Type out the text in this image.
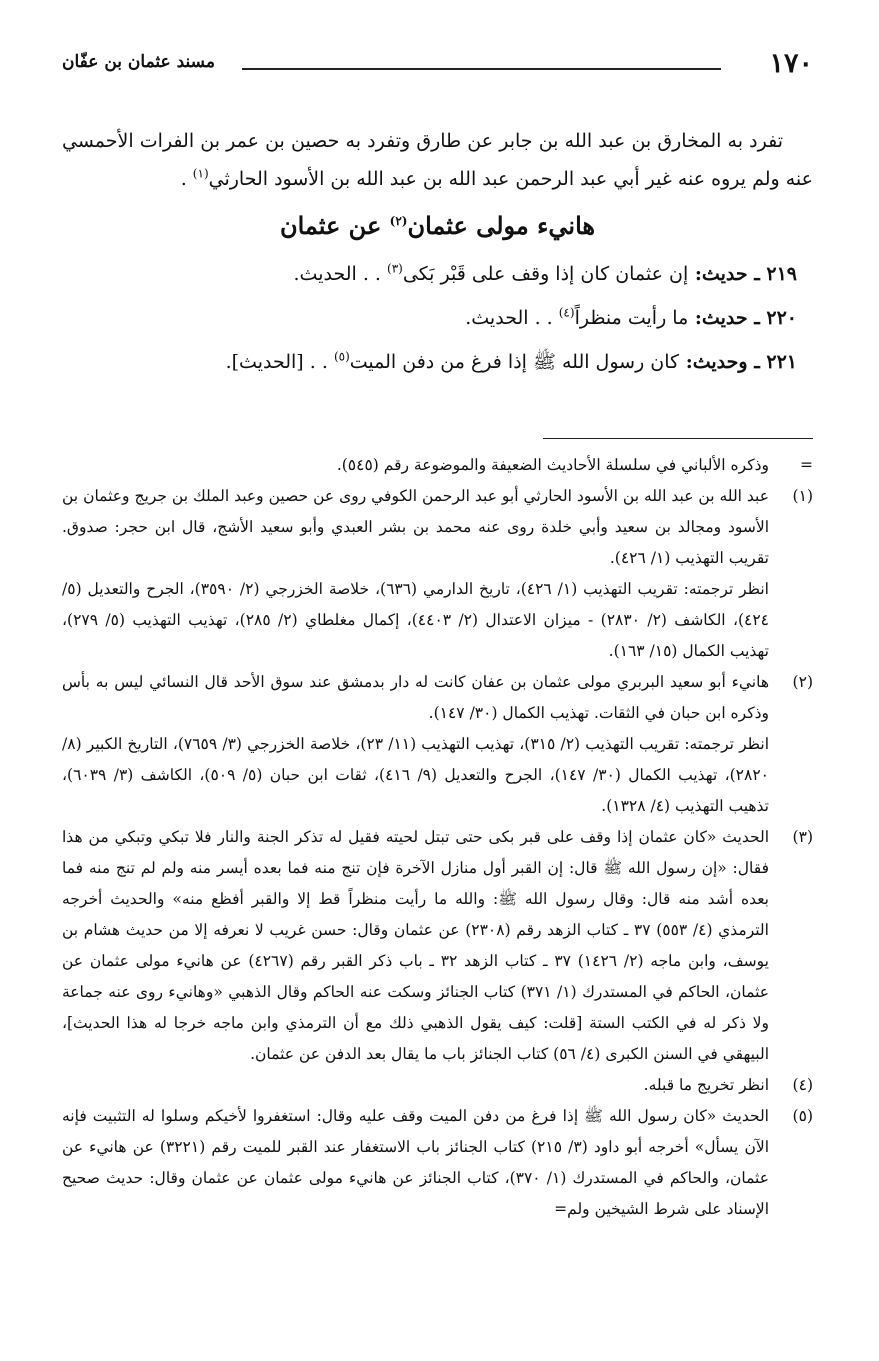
١٧٠
مسند عثمان بن عفّان

تفرد به المخارق بن عبد الله بن جابر عن طارق وتفرد به حصين بن عمر بن الفرات الأحمسي عنه ولم يروه عنه غير أبي عبد الرحمن عبد الله بن عبد الله بن الأسود الحارثي$^{(١)}$ .

هانيء مولى عثمان$^{(٢)}$ عن عثمان
٢١٩ ـ حديث: إن عثمان كان إذا وقف على قَبْر بَكى$^{(٣)}$ . . الحديث.
٢٢٠ ـ حديث: ما رأيت منظراً$^{(٤)}$ . . الحديث.
٢٢١ ـ وحديث: كان رسول الله ﷺ إذا فرغ من دفن الميت$^{(٥)}$ . . [الحديث].
=
وذكره الألباني في سلسلة الأحاديث الضعيفة والموضوعة رقم (٥٤٥).
(١)
عبد الله بن عبد الله بن الأسود الحارثي أبو عبد الرحمن الكوفي روى عن حصين وعبد الملك بن جريج وعثمان بن الأسود ومجالد بن سعيد وأبي خلدة روى عنه محمد بن بشر العبدي وأبو سعيد الأشج، قال ابن حجر: صدوق. تقريب التهذيب (١/ ٤٢٦).
انظر ترجمته: تقريب التهذيب (١/ ٤٢٦)، تاريخ الدارمي (٦٣٦)، خلاصة الخزرجي (٢/ ٣٥٩٠)، الجرح والتعديل (٥/ ٤٢٤)، الكاشف (٢/ ٢٨٣٠) - ميزان الاعتدال (٢/ ٤٤٠٣)، إكمال مغلطاي (٢/ ٢٨٥)، تهذيب التهذيب (٥/ ٢٧٩)، تهذيب الكمال (١٥/ ١٦٣).
(٢)
هانيء أبو سعيد البربري مولى عثمان بن عفان كانت له دار بدمشق عند سوق الأحد قال النسائي ليس به بأس وذكره ابن حبان في الثقات. تهذيب الكمال (٣٠/ ١٤٧).
انظر ترجمته: تقريب التهذيب (٢/ ٣١٥)، تهذيب التهذيب (١١/ ٢٣)، خلاصة الخزرجي (٣/ ٧٦٥٩)، التاريخ الكبير (٨/ ٢٨٢٠)، تهذيب الكمال (٣٠/ ١٤٧)، الجرح والتعديل (٩/ ٤١٦)، ثقات ابن حبان (٥/ ٥٠٩)، الكاشف (٣/ ٦٠٣٩)، تذهيب التهذيب (٤/ ١٣٢٨).
(٣)
الحديث «كان عثمان إذا وقف على قبر بكى حتى تبتل لحيته فقيل له تذكر الجنة والنار فلا تبكي وتبكي من هذا فقال: «إن رسول الله ﷺ قال: إن القبر أول منازل الآخرة فإن تنج منه فما بعده أيسر منه ولم لم تنج منه فما بعده أشد منه قال: وقال رسول الله ﷺ: والله ما رأيت منظراً قط إلا والقبر أفظع منه» والحديث أخرجه الترمذي (٤/ ٥٥٣) ٣٧ ـ كتاب الزهد رقم (٢٣٠٨) عن عثمان وقال: حسن غريب لا نعرفه إلا من حديث هشام بن يوسف، وابن ماجه (٢/ ١٤٢٦) ٣٧ ـ كتاب الزهد ٣٢ ـ باب ذكر القبر رقم (٤٢٦٧) عن هانيء مولى عثمان عن عثمان، الحاكم في المستدرك (١/ ٣٧١) كتاب الجنائز وسكت عنه الحاكم وقال الذهبي «وهانيء روى عنه جماعة ولا ذكر له في الكتب الستة [قلت: كيف يقول الذهبي ذلك مع أن الترمذي وابن ماجه خرجا له هذا الحديث]، البيهقي في السنن الكبرى (٤/ ٥٦) كتاب الجنائز باب ما يقال بعد الدفن عن عثمان.
(٤)
انظر تخريج ما قبله.
(٥)
الحديث «كان رسول الله ﷺ إذا فرغ من دفن الميت وقف عليه وقال: استغفروا لأخيكم وسلوا له التثبيت فإنه الآن يسأل» أخرجه أبو داود (٣/ ٢١٥) كتاب الجنائز باب الاستغفار عند القبر للميت رقم (٣٢٢١) عن هانيء عن عثمان، والحاكم في المستدرك (١/ ٣٧٠)، كتاب الجنائز عن هانيء مولى عثمان عن عثمان وقال: حديث صحيح الإسناد على شرط الشيخين ولم=
